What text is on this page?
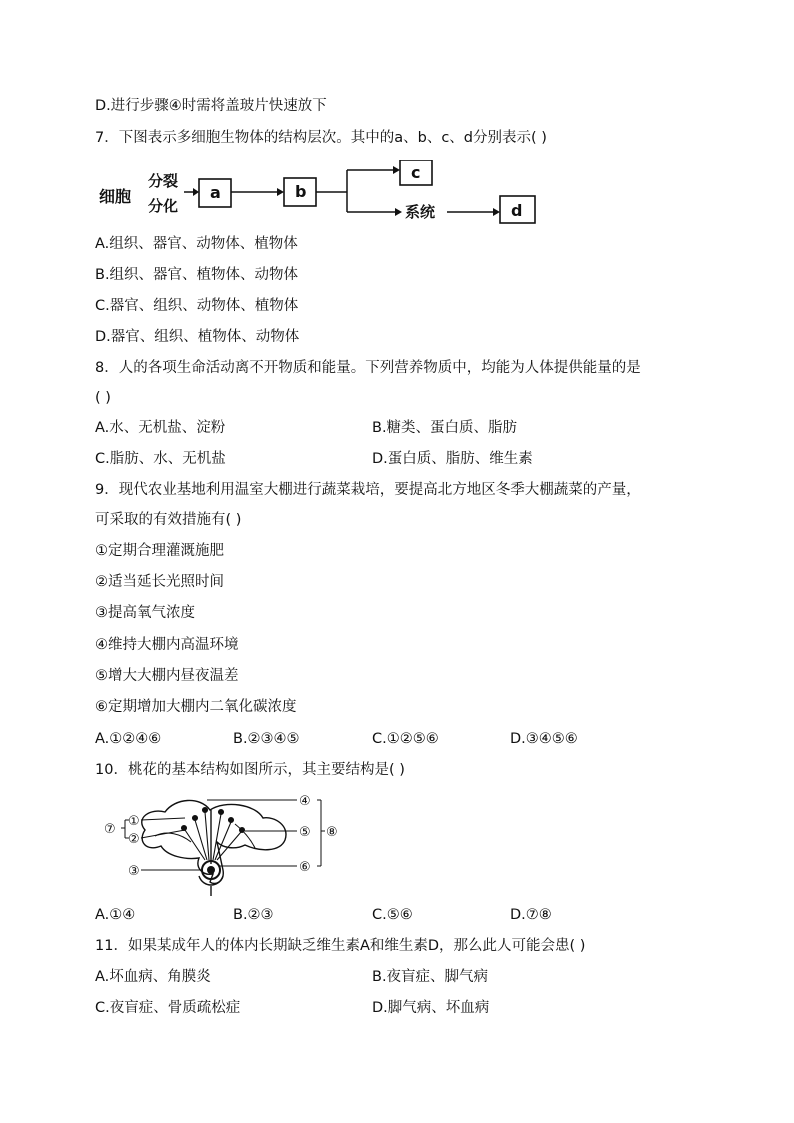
D.进行步骤④时需将盖玻片快速放下
7．下图表示多细胞生物体的结构层次。其中的a、b、c、d分别表示( )
细胞
分裂
分化
a	b
c
系统	d
A.组织、器官、动物体、植物体
B.组织、器官、植物体、动物体
C.器官、组织、动物体、植物体
D.器官、组织、植物体、动物体
8．人的各项生命活动离不开物质和能量。下列营养物质中，均能为人体提供能量的是
( )
A.水、无机盐、淀粉	B.糖类、蛋白质、脂肪
C.脂肪、水、无机盐	D.蛋白质、脂肪、维生素
9．现代农业基地利用温室大棚进行蔬菜栽培，要提高北方地区冬季大棚蔬菜的产量，
可采取的有效措施有( )
①定期合理灌溉施肥
②适当延长光照时间
③提高氧气浓度
④维持大棚内高温环境
⑤增大大棚内昼夜温差
⑥定期增加大棚内二氧化碳浓度
A.①②④⑥	B.②③④⑤	C.①②⑤⑥	D.③④⑤⑥
10．桃花的基本结构如图所示，其主要结构是( )
①
②
③
④
⑤
⑥
⑦	⑧
A.①④	B.②③	C.⑤⑥	D.⑦⑧
11．如果某成年人的体内长期缺乏维生素A和维生素D，那么此人可能会患( )
A.坏血病、角膜炎	B.夜盲症、脚气病
C.夜盲症、骨质疏松症	D.脚气病、坏血病
